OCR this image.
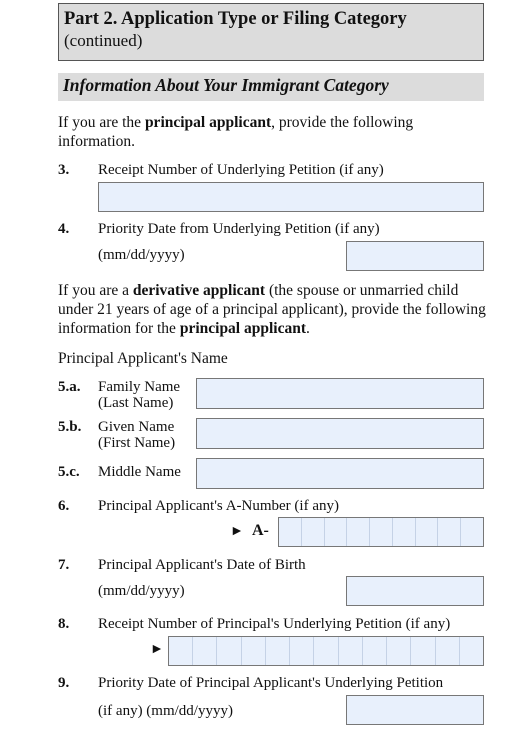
Part 2. Application Type or Filing Category
(continued)
Information About Your Immigrant Category
If you are the principal applicant, provide the following information.
3. Receipt Number of Underlying Petition (if any)
4. Priority Date from Underlying Petition (if any)
(mm/dd/yyyy)
If you are a derivative applicant (the spouse or unmarried child under 21 years of age of a principal applicant), provide the following information for the principal applicant.
Principal Applicant's Name
5.a. Family Name
(Last Name)
5.b. Given Name
(First Name)
5.c. Middle Name
6. Principal Applicant's A-Number (if any)
► A-
7. Principal Applicant's Date of Birth
(mm/dd/yyyy)
8. Receipt Number of Principal's Underlying Petition (if any)
►
9. Priority Date of Principal Applicant's Underlying Petition
(if any) (mm/dd/yyyy)
